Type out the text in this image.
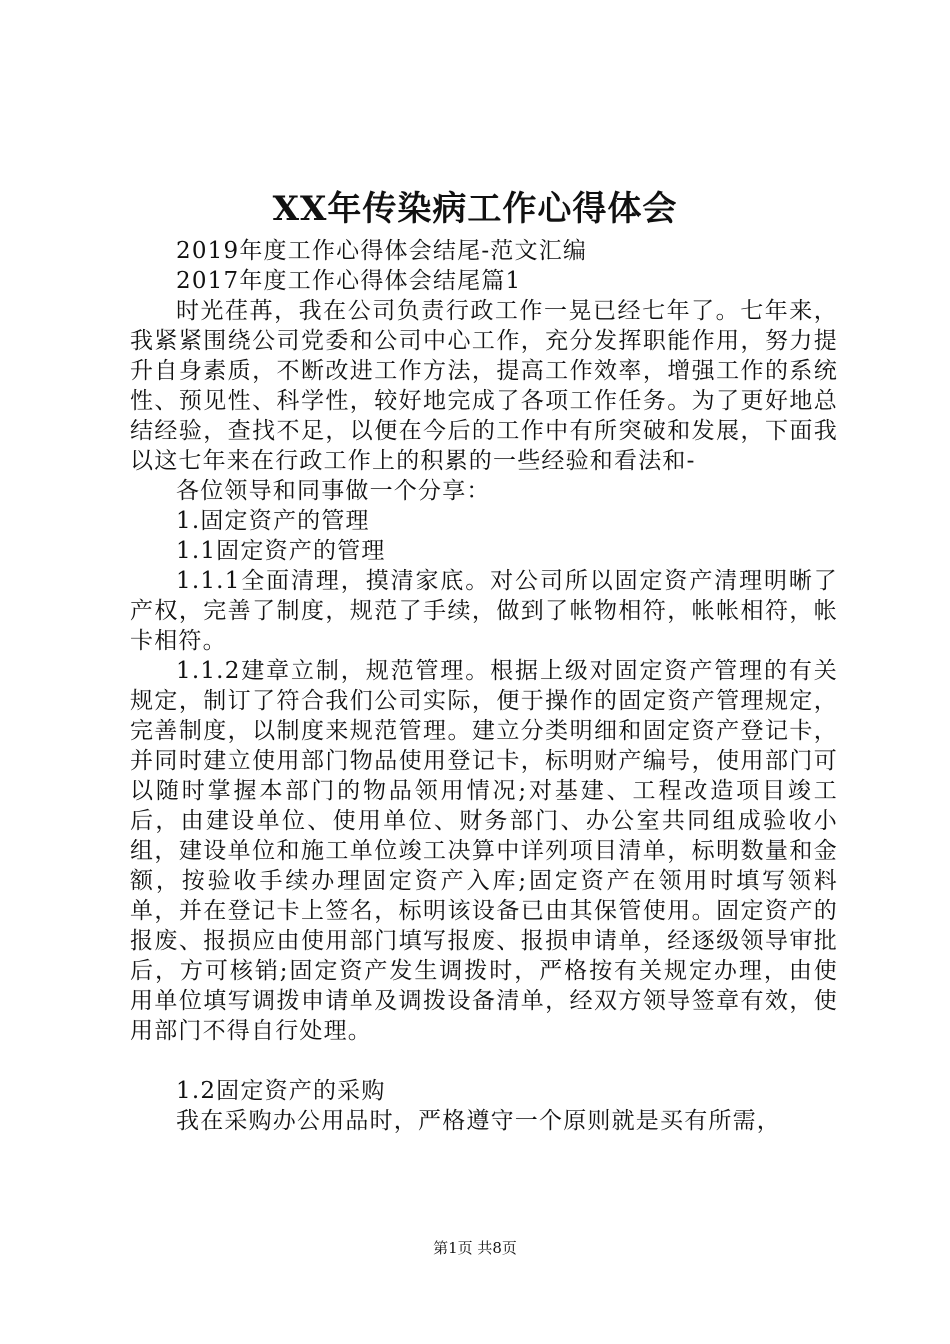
XX年传染病工作心得体会

2019年度工作心得体会结尾-范文汇编

2017年度工作心得体会结尾篇1

时光荏苒，我在公司负责行政工作一晃已经七年了。七年来，我紧紧围绕公司党委和公司中心工作，充分发挥职能作用，努力提升自身素质，不断改进工作方法，提高工作效率，增强工作的系统性、预见性、科学性，较好地完成了各项工作任务。为了更好地总结经验，查找不足，以便在今后的工作中有所突破和发展，下面我以这七年来在行政工作上的积累的一些经验和看法和-

各位领导和同事做一个分享：

1.固定资产的管理

1.1固定资产的管理

1.1.1全面清理，摸清家底。对公司所以固定资产清理明晰了产权，完善了制度，规范了手续，做到了帐物相符，帐帐相符，帐卡相符。

1.1.2建章立制，规范管理。根据上级对固定资产管理的有关规定，制订了符合我们公司实际，便于操作的固定资产管理规定，完善制度，以制度来规范管理。建立分类明细和固定资产登记卡，并同时建立使用部门物品使用登记卡，标明财产编号，使用部门可以随时掌握本部门的物品领用情况;对基建、工程改造项目竣工后，由建设单位、使用单位、财务部门、办公室共同组成验收小组，建设单位和施工单位竣工决算中详列项目清单，标明数量和金额，按验收手续办理固定资产入库;固定资产在领用时填写领料单，并在登记卡上签名，标明该设备已由其保管使用。固定资产的报废、报损应由使用部门填写报废、报损申请单，经逐级领导审批后，方可核销;固定资产发生调拨时，严格按有关规定办理，由使用单位填写调拨申请单及调拨设备清单，经双方领导签章有效，使用部门不得自行处理。

1.2固定资产的采购

我在采购办公用品时，严格遵守一个原则就是买有所需，

第1页 共8页
